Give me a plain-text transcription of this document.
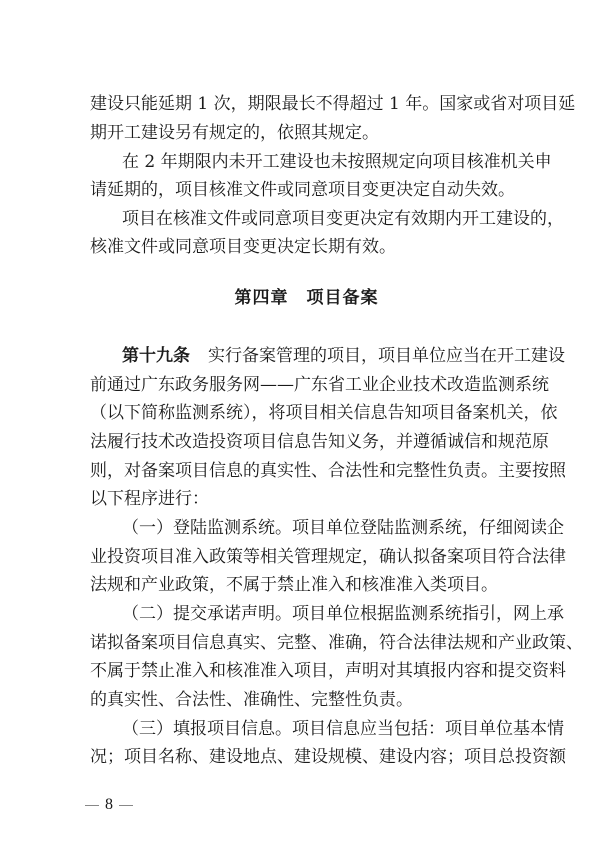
建设只能延期 1 次，期限最长不得超过 1 年。国家或省对项目延
期开工建设另有规定的，依照其规定。
在 2 年期限内未开工建设也未按照规定向项目核准机关申
请延期的，项目核准文件或同意项目变更决定自动失效。
项目在核准文件或同意项目变更决定有效期内开工建设的，
核准文件或同意项目变更决定长期有效。
第四章　项目备案
第十九条 实行备案管理的项目，项目单位应当在开工建设
前通过广东政务服务网——广东省工业企业技术改造监测系统
（以下简称监测系统），将项目相关信息告知项目备案机关，依
法履行技术改造投资项目信息告知义务，并遵循诚信和规范原
则，对备案项目信息的真实性、合法性和完整性负责。主要按照
以下程序进行：
（一）登陆监测系统。项目单位登陆监测系统，仔细阅读企
业投资项目准入政策等相关管理规定，确认拟备案项目符合法律
法规和产业政策，不属于禁止准入和核准准入类项目。
（二）提交承诺声明。项目单位根据监测系统指引，网上承
诺拟备案项目信息真实、完整、准确，符合法律法规和产业政策、
不属于禁止准入和核准准入项目，声明对其填报内容和提交资料
的真实性、合法性、准确性、完整性负责。
（三）填报项目信息。项目信息应当包括：项目单位基本情
况；项目名称、建设地点、建设规模、建设内容；项目总投资额
8
